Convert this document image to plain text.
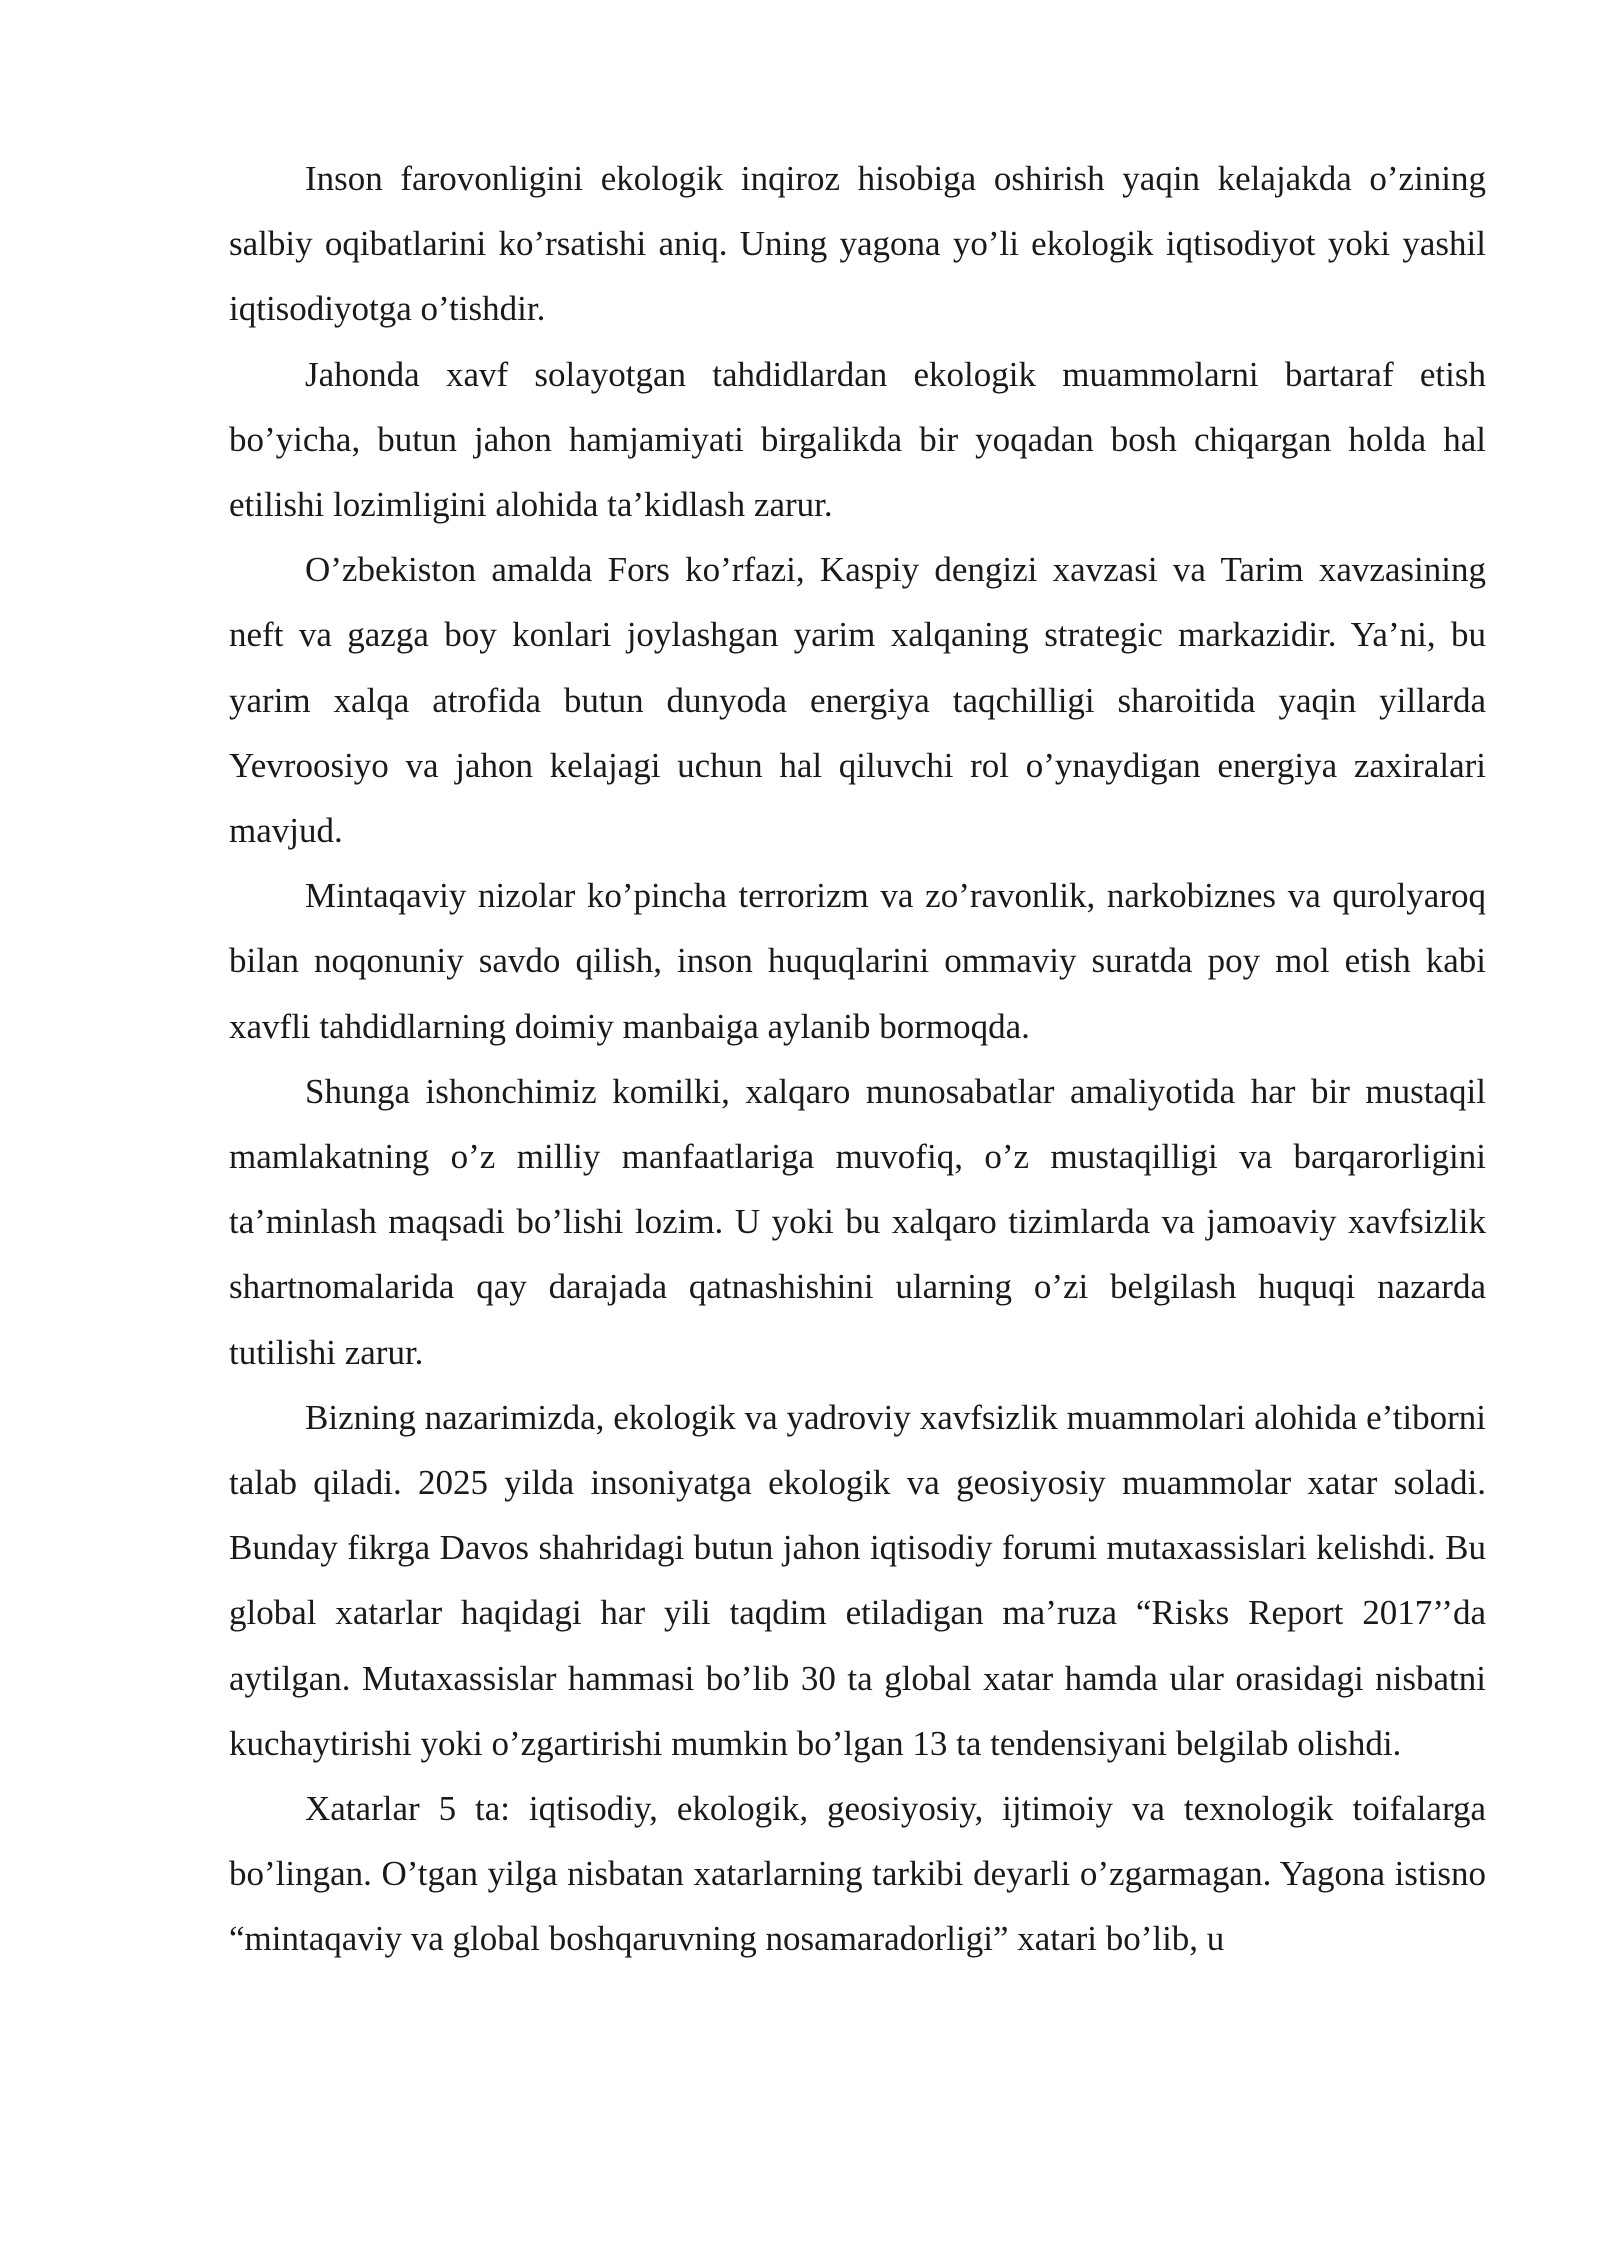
Inson farovonligini ekologik inqiroz hisobiga oshirish yaqin kelajakda o’zining salbiy oqibatlarini ko’rsatishi aniq. Uning yagona yo’li ekologik iqtisodiyot yoki yashil iqtisodiyotga o’tishdir.

Jahonda xavf solayotgan tahdidlardan ekologik muammolarni bartaraf etish bo’yicha, butun jahon hamjamiyati birgalikda bir yoqadan bosh chiqargan holda hal etilishi lozimligini alohida ta’kidlash zarur.

O’zbekiston amalda Fors ko’rfazi, Kaspiy dengizi xavzasi va Tarim xavzasining neft va gazga boy konlari joylashgan yarim xalqaning strategic markazidir. Ya’ni, bu yarim xalqa atrofida butun dunyoda energiya taqchilligi sharoitida yaqin yillarda Yevroosiyo va jahon kelajagi uchun hal qiluvchi rol o’ynaydigan energiya zaxiralari mavjud.

Mintaqaviy nizolar ko’pincha terrorizm va zo’ravonlik, narkobiznes va qurolyaroq bilan noqonuniy savdo qilish, inson huquqlarini ommaviy suratda poy mol etish kabi xavfli tahdidlarning doimiy manbaiga aylanib bormoqda.

Shunga ishonchimiz komilki, xalqaro munosabatlar amaliyotida har bir mustaqil mamlakatning o’z milliy manfaatlariga muvofiq, o’z mustaqilligi va barqarorligini ta’minlash maqsadi bo’lishi lozim. U yoki bu xalqaro tizimlarda va jamoaviy xavfsizlik shartnomalarida qay darajada qatnashishini ularning o’zi belgilash huquqi nazarda tutilishi zarur.

Bizning nazarimizda, ekologik va yadroviy xavfsizlik muammolari alohida e’tiborni talab qiladi. 2025 yilda insoniyatga ekologik va geosiyosiy muammolar xatar soladi. Bunday fikrga Davos shahridagi butun jahon iqtisodiy forumi mutaxassislari kelishdi. Bu global xatarlar haqidagi har yili taqdim etiladigan ma’ruza “Risks Report 2017’’da aytilgan. Mutaxassislar hammasi bo’lib 30 ta global xatar hamda ular orasidagi nisbatni kuchaytirishi yoki o’zgartirishi mumkin bo’lgan 13 ta tendensiyani belgilab olishdi.

Xatarlar 5 ta: iqtisodiy, ekologik, geosiyosiy, ijtimoiy va texnologik toifalarga bo’lingan. O’tgan yilga nisbatan xatarlarning tarkibi deyarli o’zgarmagan. Yagona istisno “mintaqaviy va global boshqaruvning nosamaradorligi” xatari bo’lib, u
